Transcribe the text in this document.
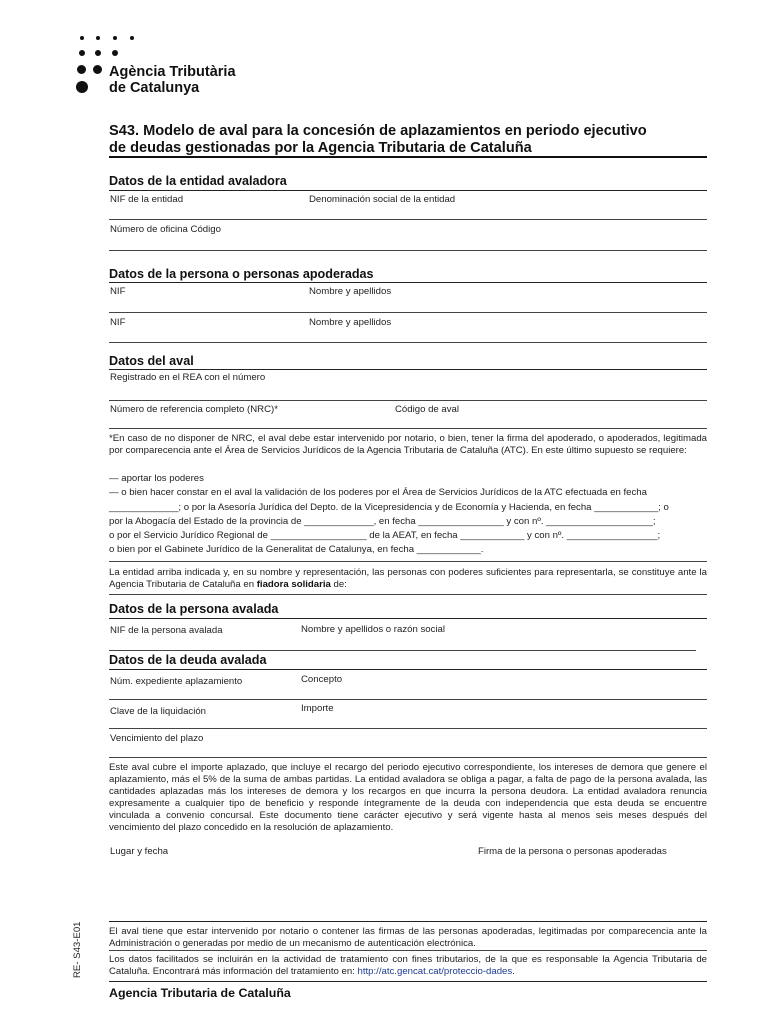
Agència Tributària
de Catalunya
S43. Modelo de aval para la concesión de aplazamientos en periodo ejecutivo
de deudas gestionadas por la Agencia Tributaria de Cataluña
Datos de la entidad avaladora
NIF de la entidad	Denominación social de la entidad
Número de oficina Código
Datos de la persona o personas apoderadas
NIF	Nombre y apellidos
NIF	Nombre y apellidos
Datos del aval
Registrado en el REA con el número
Número de referencia completo (NRC)*	Código de aval
*En caso de no disponer de NRC, el aval debe estar intervenido por notario, o bien, tener la firma del apoderado, o apoderados, legitimada por comparecencia ante el Área de Servicios Jurídicos de la Agencia Tributaria de Cataluña (ATC). En este último supuesto se requiere:
— aportar los poderes
— o bien hacer constar en el aval la validación de los poderes por el Área de Servicios Jurídicos de la ATC efectuada en fecha
_____________; o por la Asesoría Jurídica del Depto. de la Vicepresidencia y de Economía y Hacienda, en fecha ____________; o
por la Abogacía del Estado de la provincia de _____________, en fecha ________________ y con nº. ____________________;
o por el Servicio Jurídico Regional de __________________ de la AEAT, en fecha ____________ y con nº. _________________;
o bien por el Gabinete Jurídico de la Generalitat de Catalunya, en fecha ____________.
La entidad arriba indicada y, en su nombre y representación, las personas con poderes suficientes para representarla, se constituye ante la Agencia Tributaria de Cataluña en fiadora solidaria de:
Datos de la persona avalada
NIF de la persona avalada	Nombre y apellidos o razón social
Datos de la deuda avalada
Núm. expediente aplazamiento	Concepto
Clave de la liquidación	Importe
Vencimiento del plazo
Este aval cubre el importe aplazado, que incluye el recargo del periodo ejecutivo correspondiente, los intereses de demora que genere el aplazamiento, más el 5% de la suma de ambas partidas. La entidad avaladora se obliga a pagar, a falta de pago de la persona avalada, las cantidades aplazadas más los intereses de demora y los recargos en que incurra la persona deudora. La entidad avaladora renuncia expresamente a cualquier tipo de beneficio y responde íntegramente de la deuda con independencia que esta deuda se encuentre vinculada a convenio concursal. Este documento tiene carácter ejecutivo y será vigente hasta al menos seis meses después del vencimiento del plazo concedido en la resolución de aplazamiento.
Lugar y fecha	Firma de la persona o personas apoderadas
El aval tiene que estar intervenido por notario o contener las firmas de las personas apoderadas, legitimadas por comparecencia ante la Administración o generadas por medio de un mecanismo de autenticación electrónica.
Los datos facilitados se incluirán en la actividad de tratamiento con fines tributarios, de la que es responsable la Agencia Tributaria de Cataluña. Encontrará más información del tratamiento en: http://atc.gencat.cat/proteccio-dades.
Agencia Tributaria de Cataluña
RE- S43-E01
